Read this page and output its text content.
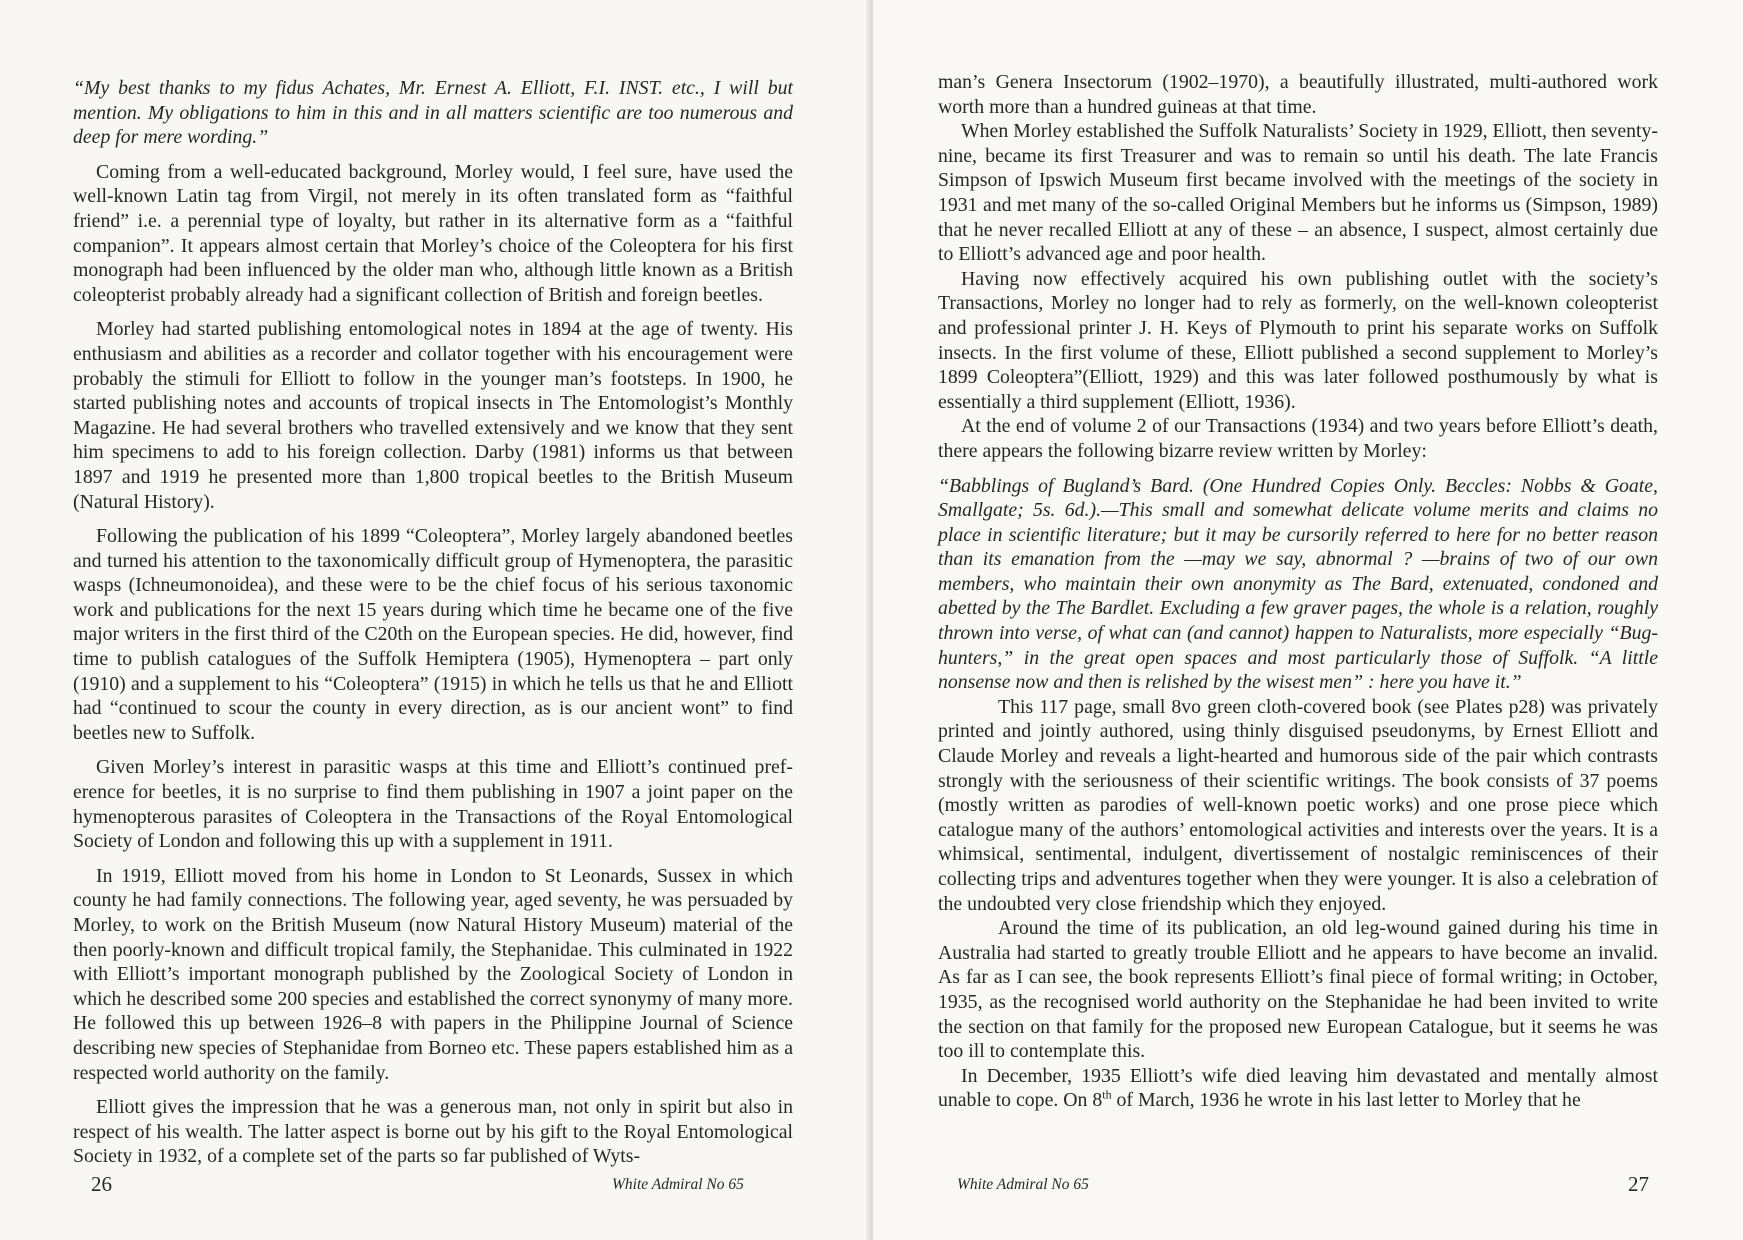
“My best thanks to my fidus Achates, Mr. Ernest A. Elliott, F.I. INST. etc., I will but mention. My obligations to him in this and in all matters scientific are too numerous and deep for mere wording.”

Coming from a well-educated background, Morley would, I feel sure, have used the well-known Latin tag from Virgil, not merely in its often translated form as “faithful friend” i.e. a perennial type of loyalty, but rather in its alternative form as a “faithful companion”. It appears almost certain that Morley’s choice of the Coleoptera for his first monograph had been influenced by the older man who, although little known as a British coleopterist probably already had a significant collection of British and foreign beetles.

Morley had started publishing entomological notes in 1894 at the age of twenty. His enthusiasm and abilities as a recorder and collator together with his encouragement were probably the stimuli for Elliott to follow in the younger man’s footsteps. In 1900, he started publishing notes and accounts of tropical insects in The Entomologist’s Monthly Magazine. He had several brothers who travelled extensively and we know that they sent him specimens to add to his foreign collection. Darby (1981) informs us that between 1897 and 1919 he presented more than 1,800 tropical beetles to the British Museum (Natural History).

Following the publication of his 1899 “Coleoptera”, Morley largely abandoned beetles and turned his attention to the taxonomically difficult group of Hymenoptera, the parasitic wasps (Ichneumonoidea), and these were to be the chief focus of his serious taxonomic work and publications for the next 15 years during which time he became one of the five major writers in the first third of the C20th on the European species. He did, however, find time to publish catalogues of the Suffolk Hemiptera (1905), Hymenoptera – part only (1910) and a supplement to his “Coleoptera” (1915) in which he tells us that he and Elliott had “continued to scour the county in every direction, as is our ancient wont” to find beetles new to Suffolk.

Given Morley’s interest in parasitic wasps at this time and Elliott’s continued preference for beetles, it is no surprise to find them publishing in 1907 a joint paper on the hymenopterous parasites of Coleoptera in the Transactions of the Royal Entomological Society of London and following this up with a supplement in 1911.

In 1919, Elliott moved from his home in London to St Leonards, Sussex in which county he had family connections. The following year, aged seventy, he was persuaded by Morley, to work on the British Museum (now Natural History Museum) material of the then poorly-known and difficult tropical family, the Stephanidae. This culminated in 1922 with Elliott’s important monograph published by the Zoological Society of London in which he described some 200 species and established the correct synonymy of many more. He followed this up between 1926–8 with papers in the Philippine Journal of Science describing new species of Stephanidae from Borneo etc. These papers established him as a respected world authority on the family.

Elliott gives the impression that he was a generous man, not only in spirit but also in respect of his wealth. The latter aspect is borne out by his gift to the Royal Entomological Society in 1932, of a complete set of the parts so far published of Wyts-

26	White Admiral No 65

man’s Genera Insectorum (1902–1970), a beautifully illustrated, multi-authored work worth more than a hundred guineas at that time.

When Morley established the Suffolk Naturalists’ Society in 1929, Elliott, then seventy-nine, became its first Treasurer and was to remain so until his death. The late Francis Simpson of Ipswich Museum first became involved with the meetings of the society in 1931 and met many of the so-called Original Members but he informs us (Simpson, 1989) that he never recalled Elliott at any of these – an absence, I suspect, almost certainly due to Elliott’s advanced age and poor health.

Having now effectively acquired his own publishing outlet with the society’s Transactions, Morley no longer had to rely as formerly, on the well-known coleopterist and professional printer J. H. Keys of Plymouth to print his separate works on Suffolk insects. In the first volume of these, Elliott published a second supplement to Morley’s 1899 Coleoptera”(Elliott, 1929) and this was later followed posthumously by what is essentially a third supplement (Elliott, 1936).

At the end of volume 2 of our Transactions (1934) and two years before Elliott’s death, there appears the following bizarre review written by Morley:

“Babblings of Bugland’s Bard. (One Hundred Copies Only. Beccles: Nobbs & Goate, Smallgate; 5s. 6d.).—This small and somewhat delicate volume merits and claims no place in scientific literature; but it may be cursorily referred to here for no better reason than its emanation from the —may we say, abnormal ? —brains of two of our own members, who maintain their own anonymity as The Bard, extenuated, condoned and abetted by the The Bardlet. Excluding a few graver pages, the whole is a relation, roughly thrown into verse, of what can (and cannot) happen to Naturalists, more especially “Bug-hunters,” in the great open spaces and most particularly those of Suffolk. “A little nonsense now and then is relished by the wisest men” : here you have it.”

This 117 page, small 8vo green cloth-covered book (see Plates p28) was privately printed and jointly authored, using thinly disguised pseudonyms, by Ernest Elliott and Claude Morley and reveals a light-hearted and humorous side of the pair which contrasts strongly with the seriousness of their scientific writings. The book consists of 37 poems (mostly written as parodies of well-known poetic works) and one prose piece which catalogue many of the authors’ entomological activities and interests over the years. It is a whimsical, sentimental, indulgent, divertissement of nostalgic reminiscences of their collecting trips and adventures together when they were younger. It is also a celebration of the undoubted very close friendship which they enjoyed.

Around the time of its publication, an old leg-wound gained during his time in Australia had started to greatly trouble Elliott and he appears to have become an invalid. As far as I can see, the book represents Elliott’s final piece of formal writing; in October, 1935, as the recognised world authority on the Stephanidae he had been invited to write the section on that family for the proposed new European Catalogue, but it seems he was too ill to contemplate this.

In December, 1935 Elliott’s wife died leaving him devastated and mentally almost unable to cope. On 8th of March, 1936 he wrote in his last letter to Morley that he

White Admiral No 65	27
